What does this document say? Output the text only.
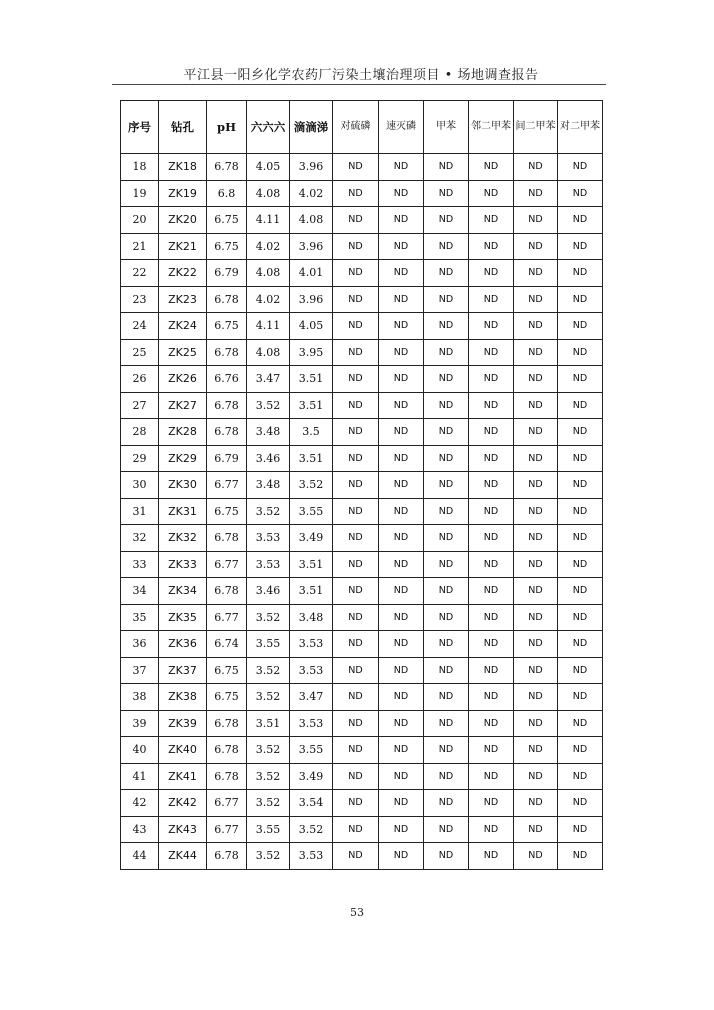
平江县一阳乡化学农药厂污染土壤治理项目 • 场地调查报告
序号	钻孔	pH	六六六	滴滴涕	对硫磷	速灭磷	甲苯	邻二甲苯	间二甲苯	对二甲苯
18	ZK18	6.78	4.05	3.96	ND	ND	ND	ND	ND	ND
19	ZK19	6.8	4.08	4.02	ND	ND	ND	ND	ND	ND
20	ZK20	6.75	4.11	4.08	ND	ND	ND	ND	ND	ND
21	ZK21	6.75	4.02	3.96	ND	ND	ND	ND	ND	ND
22	ZK22	6.79	4.08	4.01	ND	ND	ND	ND	ND	ND
23	ZK23	6.78	4.02	3.96	ND	ND	ND	ND	ND	ND
24	ZK24	6.75	4.11	4.05	ND	ND	ND	ND	ND	ND
25	ZK25	6.78	4.08	3.95	ND	ND	ND	ND	ND	ND
26	ZK26	6.76	3.47	3.51	ND	ND	ND	ND	ND	ND
27	ZK27	6.78	3.52	3.51	ND	ND	ND	ND	ND	ND
28	ZK28	6.78	3.48	3.5	ND	ND	ND	ND	ND	ND
29	ZK29	6.79	3.46	3.51	ND	ND	ND	ND	ND	ND
30	ZK30	6.77	3.48	3.52	ND	ND	ND	ND	ND	ND
31	ZK31	6.75	3.52	3.55	ND	ND	ND	ND	ND	ND
32	ZK32	6.78	3.53	3.49	ND	ND	ND	ND	ND	ND
33	ZK33	6.77	3.53	3.51	ND	ND	ND	ND	ND	ND
34	ZK34	6.78	3.46	3.51	ND	ND	ND	ND	ND	ND
35	ZK35	6.77	3.52	3.48	ND	ND	ND	ND	ND	ND
36	ZK36	6.74	3.55	3.53	ND	ND	ND	ND	ND	ND
37	ZK37	6.75	3.52	3.53	ND	ND	ND	ND	ND	ND
38	ZK38	6.75	3.52	3.47	ND	ND	ND	ND	ND	ND
39	ZK39	6.78	3.51	3.53	ND	ND	ND	ND	ND	ND
40	ZK40	6.78	3.52	3.55	ND	ND	ND	ND	ND	ND
41	ZK41	6.78	3.52	3.49	ND	ND	ND	ND	ND	ND
42	ZK42	6.77	3.52	3.54	ND	ND	ND	ND	ND	ND
43	ZK43	6.77	3.55	3.52	ND	ND	ND	ND	ND	ND
44	ZK44	6.78	3.52	3.53	ND	ND	ND	ND	ND	ND
53
